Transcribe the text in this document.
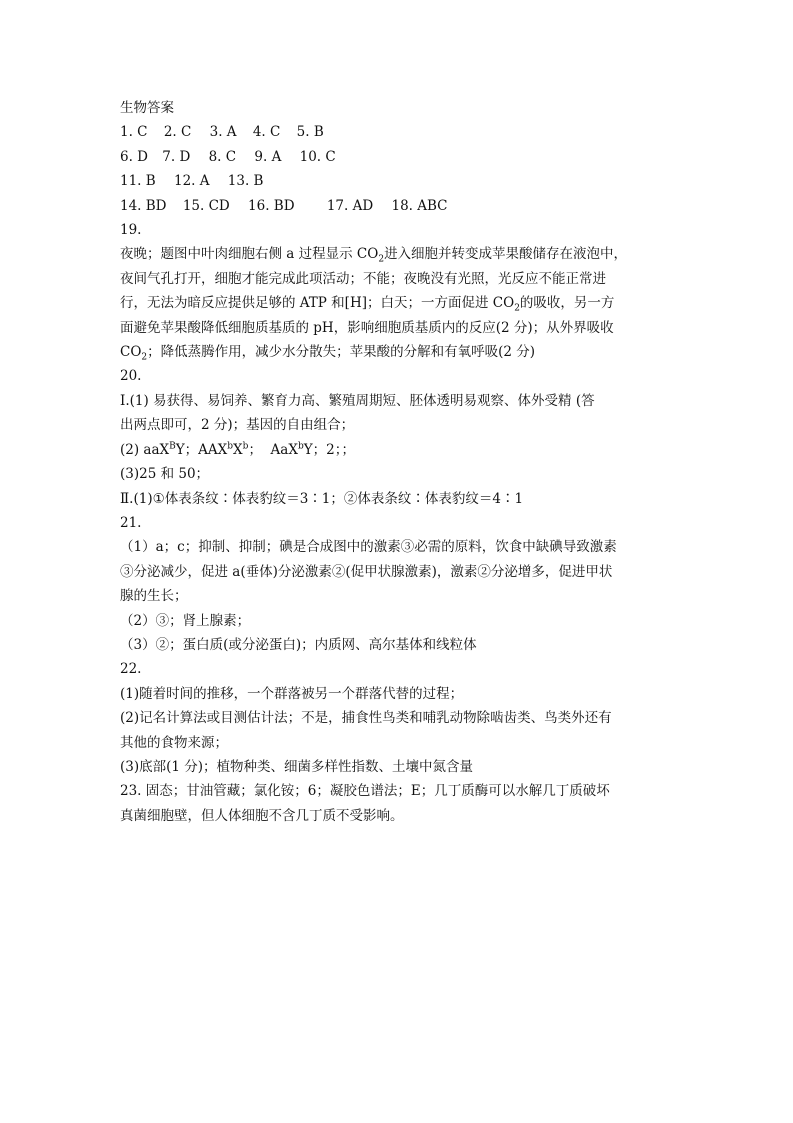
生物答案
1. C 2. C 3. A 4. C 5. B
6. D 7. D 8. C 9. A 10. C
11. B 12. A 13. B
14. BD 15. CD 16. BD 17. AD 18. ABC
19.
夜晚；题图中叶肉细胞右侧 a 过程显示 $CO_2$进入细胞并转变成苹果酸储存在液泡中，
夜间气孔打开，细胞才能完成此项活动；不能；夜晚没有光照，光反应不能正常进
行，无法为暗反应提供足够的 ATP 和[H]；白天；一方面促进 $CO_2$的吸收，另一方
面避免苹果酸降低细胞质基质的 pH，影响细胞质基质内的反应(2 分)；从外界吸收
$CO_2$；降低蒸腾作用，减少水分散失；苹果酸的分解和有氧呼吸(2 分)
20.
Ⅰ.(1) 易获得、易饲养、繁育力高、繁殖周期短、胚体透明易观察、体外受精 (答
出两点即可，2 分)；基因的自由组合；
(2) aaX$^B$Y；$AAX^bX^b$；  AaX$^b$Y；2；；
(3)25 和 50；
Ⅱ.(1)①体表条纹∶体表豹纹＝3∶1；②体表条纹∶体表豹纹＝4∶1
21.
（1）a；c；抑制、抑制；碘是合成图中的激素③必需的原料，饮食中缺碘导致激素
③分泌减少，促进 a(垂体)分泌激素②(促甲状腺激素)，激素②分泌增多，促进甲状
腺的生长；
（2）③；肾上腺素；
（3）②；蛋白质(或分泌蛋白)；内质网、高尔基体和线粒体
22.
(1)随着时间的推移，一个群落被另一个群落代替的过程；
(2)记名计算法或目测估计法；不是，捕食性鸟类和哺乳动物除啮齿类、鸟类外还有
其他的食物来源；
(3)底部(1 分)；植物种类、细菌多样性指数、土壤中氮含量
23. 固态；甘油管藏；氯化铵；6；凝胶色谱法；E；几丁质酶可以水解几丁质破坏
真菌细胞壁，但人体细胞不含几丁质不受影响。
